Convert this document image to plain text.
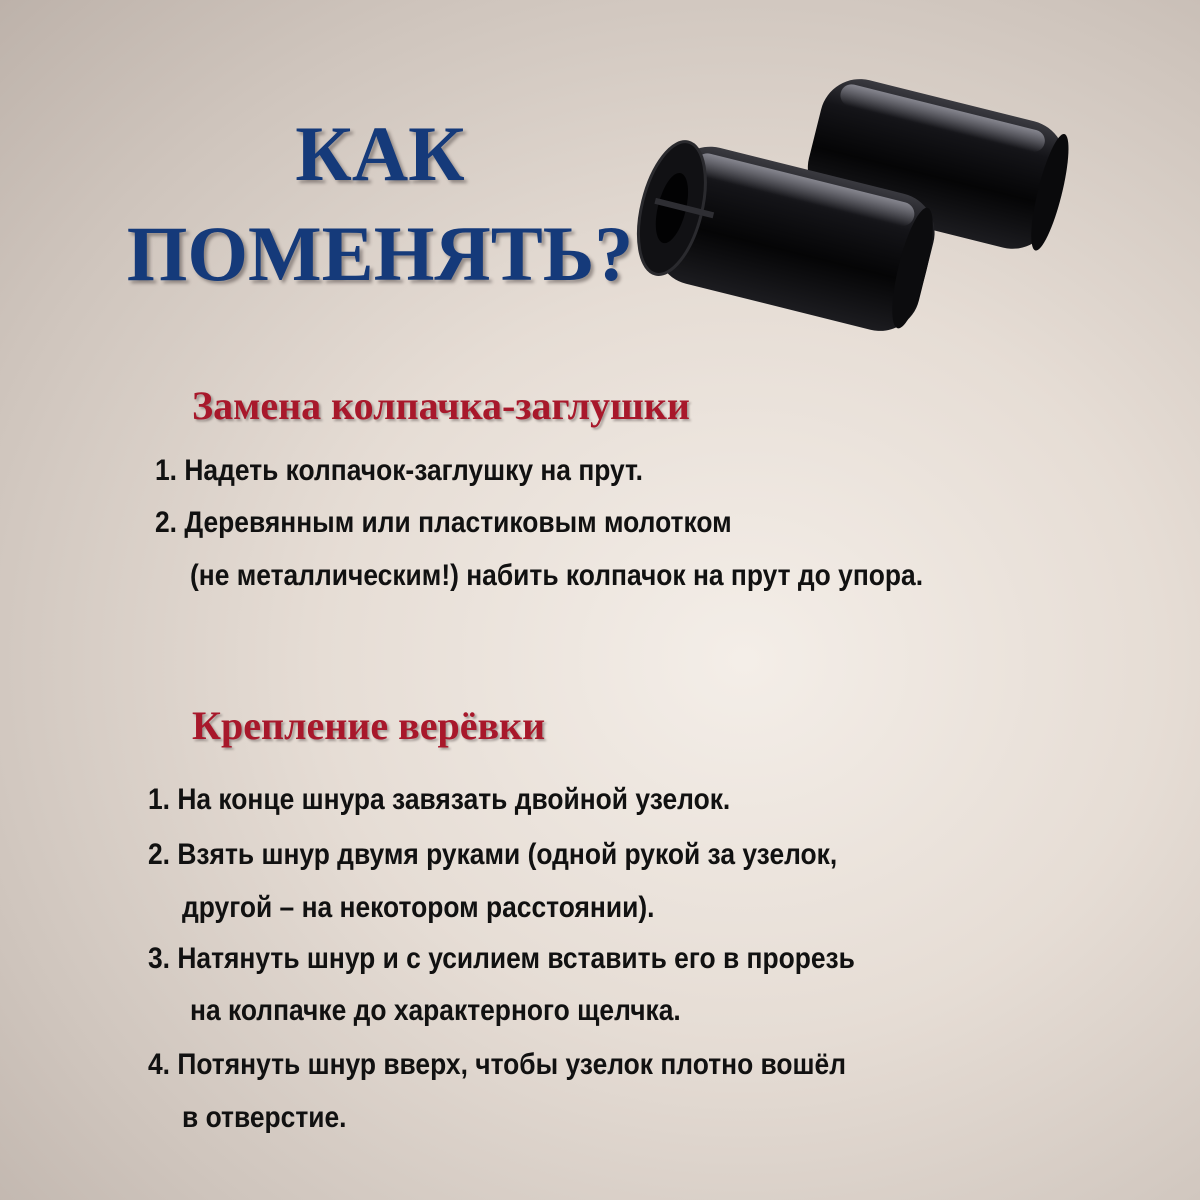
КАК
ПОМЕНЯТЬ?
Замена колпачка-заглушки

1. Надеть колпачок-заглушку на прут.

2. Деревянным или пластиковым молотком

(не металлическим!) набить колпачок на прут до упора.

Крепление верёвки

1. На конце шнура завязать двойной узелок.

2. Взять шнур двумя руками (одной рукой за узелок,

другой – на некотором расстоянии).

3. Натянуть шнур и с усилием вставить его в прорезь

на колпачке до характерного щелчка.

4. Потянуть шнур вверх, чтобы узелок плотно вошёл

в отверстие.
